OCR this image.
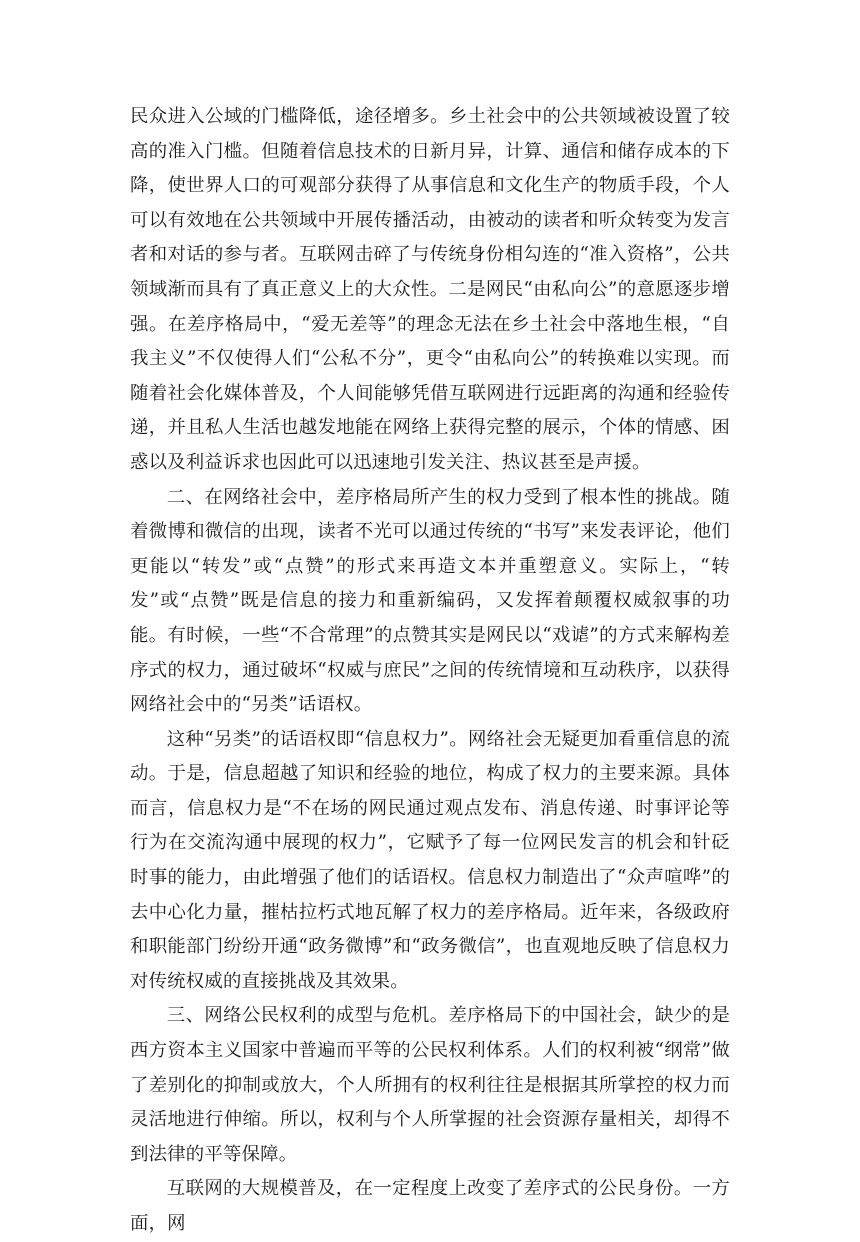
民众进入公域的门槛降低，途径增多。乡土社会中的公共领域被设置了较高的准入门槛。但随着信息技术的日新月异，计算、通信和储存成本的下降，使世界人口的可观部分获得了从事信息和文化生产的物质手段，个人可以有效地在公共领域中开展传播活动，由被动的读者和听众转变为发言者和对话的参与者。互联网击碎了与传统身份相勾连的“准入资格”，公共领域渐而具有了真正意义上的大众性。二是网民“由私向公”的意愿逐步增强。在差序格局中，“爱无差等”的理念无法在乡土社会中落地生根，“自我主义”不仅使得人们“公私不分”，更令“由私向公”的转换难以实现。而随着社会化媒体普及，个人间能够凭借互联网进行远距离的沟通和经验传递，并且私人生活也越发地能在网络上获得完整的展示，个体的情感、困惑以及利益诉求也因此可以迅速地引发关注、热议甚至是声援。

二、在网络社会中，差序格局所产生的权力受到了根本性的挑战。随着微博和微信的出现，读者不光可以通过传统的“书写”来发表评论，他们更能以“转发”或“点赞”的形式来再造文本并重塑意义。实际上，“转发”或“点赞”既是信息的接力和重新编码，又发挥着颠覆权威叙事的功能。有时候，一些“不合常理”的点赞其实是网民以“戏谑”的方式来解构差序式的权力，通过破坏“权威与庶民”之间的传统情境和互动秩序，以获得网络社会中的“另类”话语权。

这种“另类”的话语权即“信息权力”。网络社会无疑更加看重信息的流动。于是，信息超越了知识和经验的地位，构成了权力的主要来源。具体而言，信息权力是“不在场的网民通过观点发布、消息传递、时事评论等行为在交流沟通中展现的权力”，它赋予了每一位网民发言的机会和针砭时事的能力，由此增强了他们的话语权。信息权力制造出了“众声喧哗”的去中心化力量，摧枯拉朽式地瓦解了权力的差序格局。近年来，各级政府和职能部门纷纷开通“政务微博”和“政务微信”，也直观地反映了信息权力对传统权威的直接挑战及其效果。

三、网络公民权利的成型与危机。差序格局下的中国社会，缺少的是西方资本主义国家中普遍而平等的公民权利体系。人们的权利被“纲常”做了差别化的抑制或放大，个人所拥有的权利往往是根据其所掌控的权力而灵活地进行伸缩。所以，权利与个人所掌握的社会资源存量相关，却得不到法律的平等保障。

互联网的大规模普及，在一定程度上改变了差序式的公民身份。一方面，网
